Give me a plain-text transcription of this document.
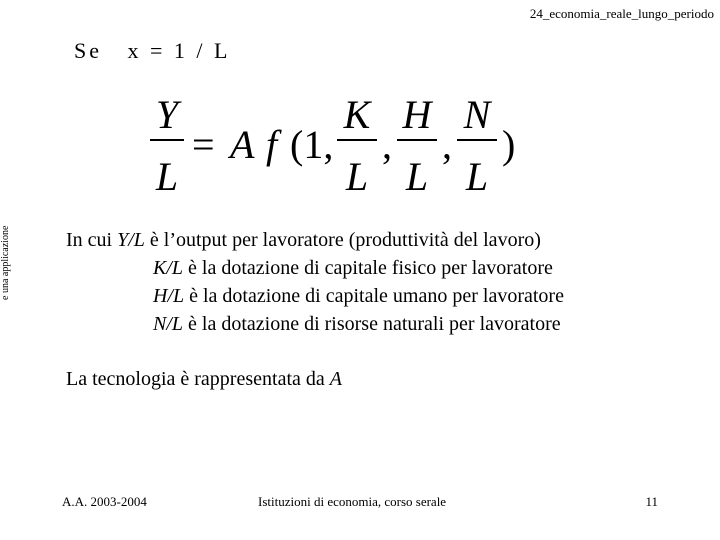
24_economia_reale_lungo_periodo
e una applicazione
Se   x = 1 / L
Y
L
= A f (1,
K
L
,
H
L
,
N
L
)
In cui Y/L è l’output per lavoratore (produttività del lavoro)
K/L è la dotazione di capitale fisico per lavoratore
H/L è la dotazione di capitale umano per lavoratore
N/L è la dotazione di risorse naturali per lavoratore
La tecnologia è rappresentata da A
A.A. 2003-2004	Istituzioni di economia, corso serale	11
